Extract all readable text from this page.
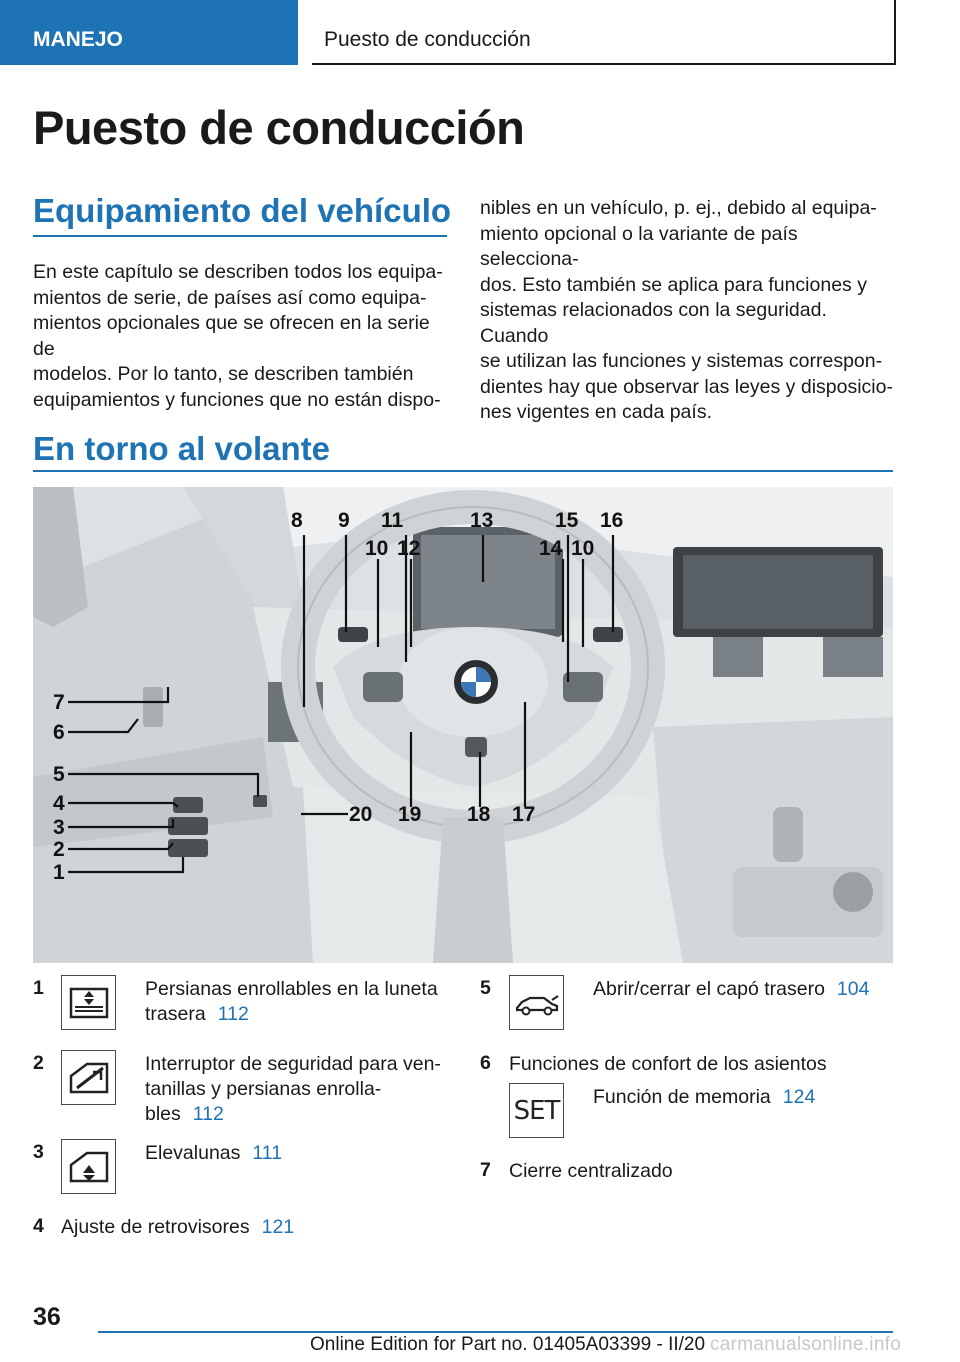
MANEJO	Puesto de conducción
Puesto de conducción
Equipamiento del vehículo
En este capítulo se describen todos los equipa-
mientos de serie, de países así como equipa-
mientos opcionales que se ofrecen en la serie de
modelos. Por lo tanto, se describen también
equipamientos y funciones que no están dispo-
nibles en un vehículo, p. ej., debido al equipa-
miento opcional o la variante de país selecciona-
dos. Esto también se aplica para funciones y
sistemas relacionados con la seguridad. Cuando
se utilizan las funciones y sistemas correspon-
dientes hay que observar las leyes y disposicio-
nes vigentes en cada país.
En torno al volante
8 9 11	13	15 16
10 12	14 10
7
6
5
4
3
2
1
20 19 18 17
1	Persianas enrollables en la luneta
trasera 112
2	Interruptor de seguridad para ven-
tanillas y persianas enrolla-
bles 112
3	Elevalunas 111
4 Ajuste de retrovisores 121
5	Abrir/cerrar el capó trasero 104
6 Funciones de confort de los asientos
SET Función de memoria 124
7 Cierre centralizado
36
Online Edition for Part no. 01405A03399 - II/20 carmanualsonline.info
